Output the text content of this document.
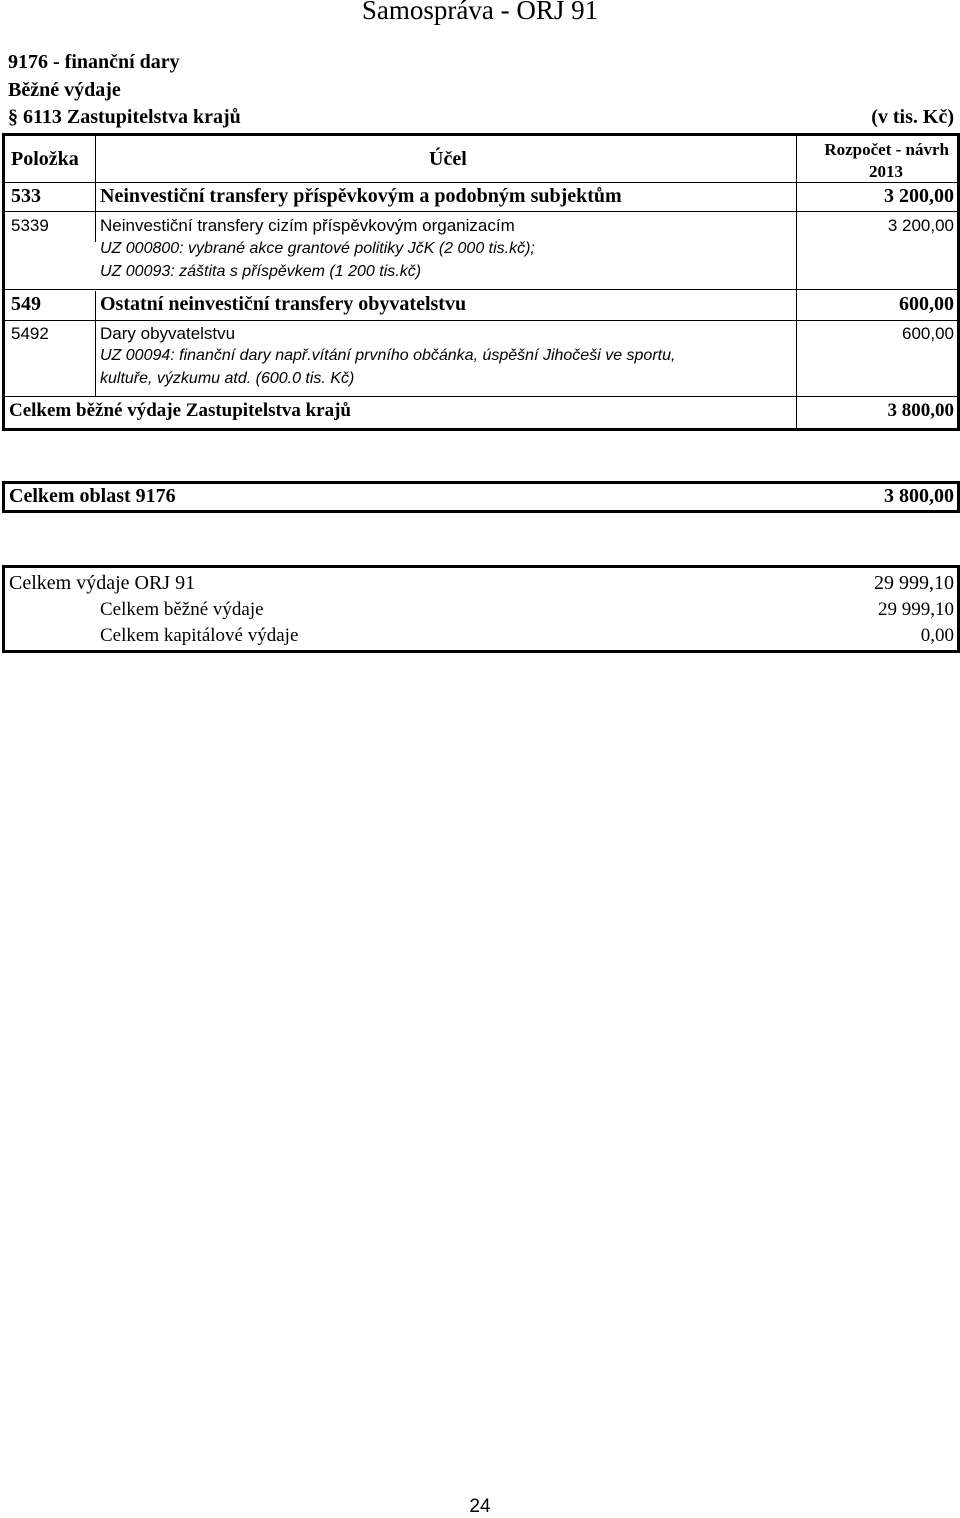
Samospráva - ORJ 91
9176 - finanční dary
Běžné výdaje
§ 6113 Zastupitelstva krajů	(v tis. Kč)
Položka	Účel	Rozpočet - návrh
2013
533	Neinvestiční transfery příspěvkovým a podobným subjektům	3 200,00
5339	Neinvestiční transfery cizím příspěvkovým organizacím	3 200,00
UZ 000800: vybrané akce grantové politiky JčK (2 000 tis.kč);
UZ 00093: záštita s příspěvkem (1 200 tis.kč)
549	Ostatní neinvestiční transfery obyvatelstvu	600,00
5492	Dary obyvatelstvu	600,00
UZ 00094: finanční dary např.vítání prvního občánka, úspěšní Jihočeši ve sportu,
kultuře, výzkumu atd. (600.0 tis. Kč)
Celkem běžné výdaje Zastupitelstva krajů	3 800,00
Celkem oblast 9176	3 800,00
Celkem výdaje ORJ 91	29 999,10
Celkem běžné výdaje	29 999,10
Celkem kapitálové výdaje	0,00
24
